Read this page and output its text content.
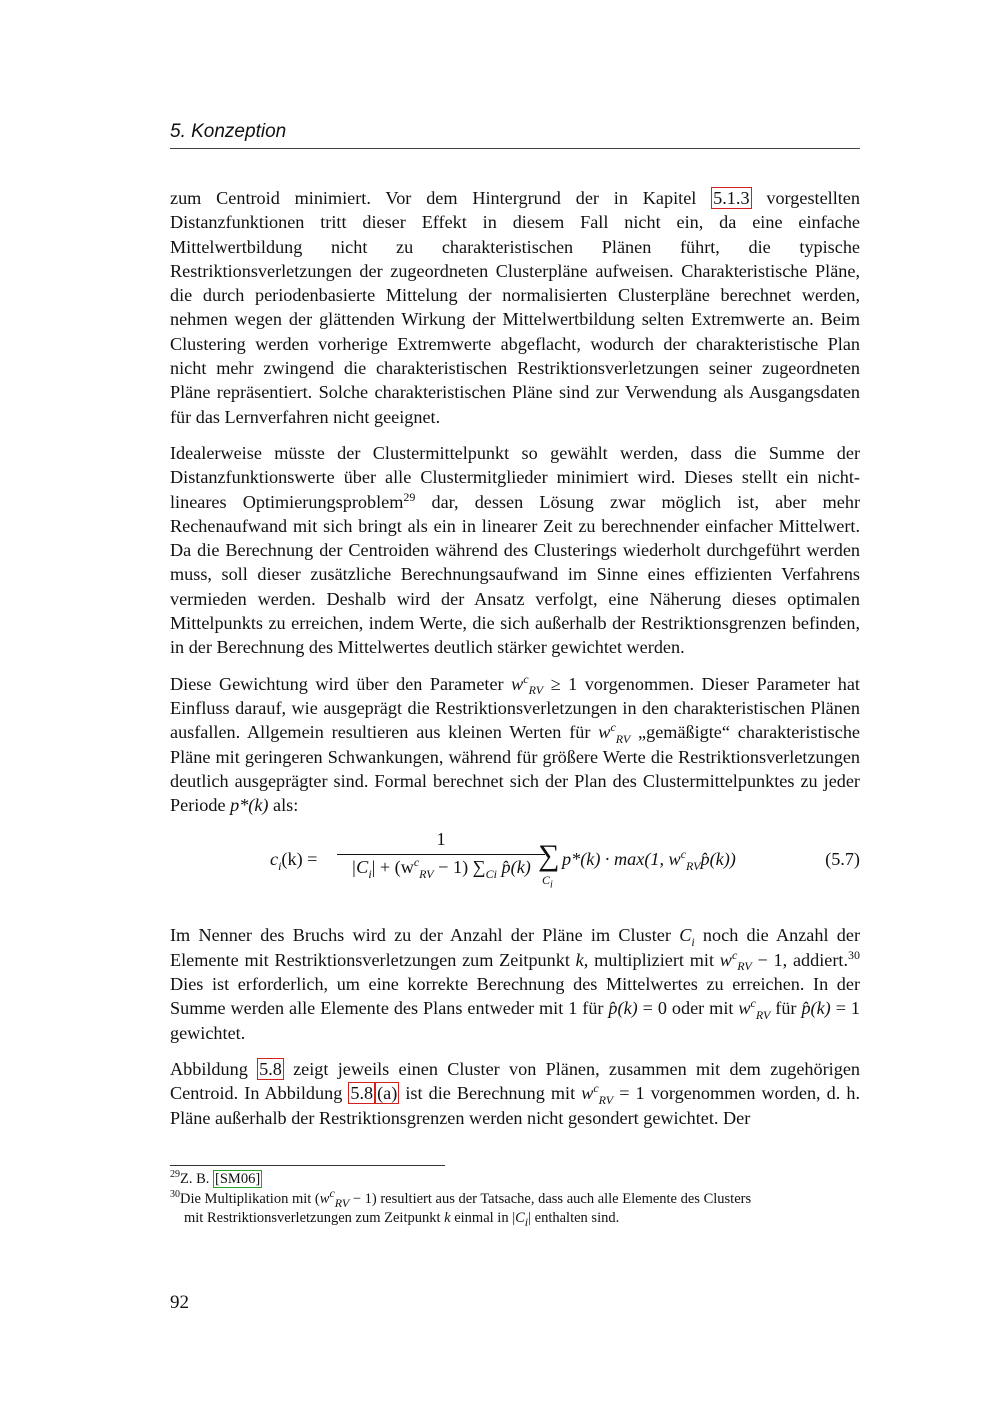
5. Konzeption

zum Centroid minimiert. Vor dem Hintergrund der in Kapitel 5.1.3 vorgestellten Distanzfunktionen tritt dieser Effekt in diesem Fall nicht ein, da eine einfache Mittelwertbildung nicht zu charakteristischen Plänen führt, die typische Restriktionsverletzungen der zugeordneten Clusterpläne aufweisen. Charakteristische Pläne, die durch periodenbasierte Mittelung der normalisierten Clusterpläne berechnet werden, nehmen wegen der glättenden Wirkung der Mittelwertbildung selten Extremwerte an. Beim Clustering werden vorherige Extremwerte abgeflacht, wodurch der charakteristische Plan nicht mehr zwingend die charakteristischen Restriktionsverletzungen seiner zugeordneten Pläne repräsentiert. Solche charakteristischen Pläne sind zur Verwendung als Ausgangsdaten für das Lernverfahren nicht geeignet.

Idealerweise müsste der Clustermittelpunkt so gewählt werden, dass die Summe der Distanzfunktionswerte über alle Clustermitglieder minimiert wird. Dieses stellt ein nicht-lineares Optimierungsproblem$^{29}$ dar, dessen Lösung zwar möglich ist, aber mehr Rechenaufwand mit sich bringt als ein in linearer Zeit zu berechnender einfacher Mittelwert. Da die Berechnung der Centroiden während des Clusterings wiederholt durchgeführt werden muss, soll dieser zusätzliche Berechnungsaufwand im Sinne eines effizienten Verfahrens vermieden werden. Deshalb wird der Ansatz verfolgt, eine Näherung dieses optimalen Mittelpunkts zu erreichen, indem Werte, die sich außerhalb der Restriktionsgrenzen befinden, in der Berechnung des Mittelwertes deutlich stärker gewichtet werden.

Diese Gewichtung wird über den Parameter $w^c_{RV} \ge 1$ vorgenommen. Dieser Parameter hat Einfluss darauf, wie ausgeprägt die Restriktionsverletzungen in den charakteristischen Plänen ausfallen. Allgemein resultieren aus kleinen Werten für $w^c_{RV}$ „gemäßigte“ charakteristische Pläne mit geringeren Schwankungen, während für größere Werte die Restriktionsverletzungen deutlich ausgeprägter sind. Formal berechnet sich der Plan des Clustermittelpunktes zu jeder Periode p*(k) als:

$c_i(k)$ =
1
$|C_i| + (w^c_{RV} - 1)$ $\sum_{Ci}$ p̂(k) ∑
$C_i$
p*(k) · max(1, $w^c_{RV}p̂(k)$)	(5.7)

Im Nenner des Bruchs wird zu der Anzahl der Pläne im Cluster $C_i$ noch die Anzahl der Elemente mit Restriktionsverletzungen zum Zeitpunkt k, multipliziert mit $w^c_{RV} - 1$, addiert.$^{30}$ Dies ist erforderlich, um eine korrekte Berechnung des Mittelwertes zu erreichen. In der Summe werden alle Elemente des Plans entweder mit 1 für p̂(k) = 0 oder mit $w^c_{RV}$ für p̂(k) = 1 gewichtet.

Abbildung 5.8 zeigt jeweils einen Cluster von Plänen, zusammen mit dem zugehörigen Centroid. In Abbildung 5.8 (a) ist die Berechnung mit $w^c_{RV} = 1$ vorgenommen worden, d. h. Pläne außerhalb der Restriktionsgrenzen werden nicht gesondert gewichtet. Der

$^{29}$Z. B. [SM06]
$^{30}$Die Multiplikation mit $(w^c_{RV} - 1)$ resultiert aus der Tatsache, dass auch alle Elemente des Clusters
mit Restriktionsverletzungen zum Zeitpunkt k einmal in $|C_i|$ enthalten sind.
92
